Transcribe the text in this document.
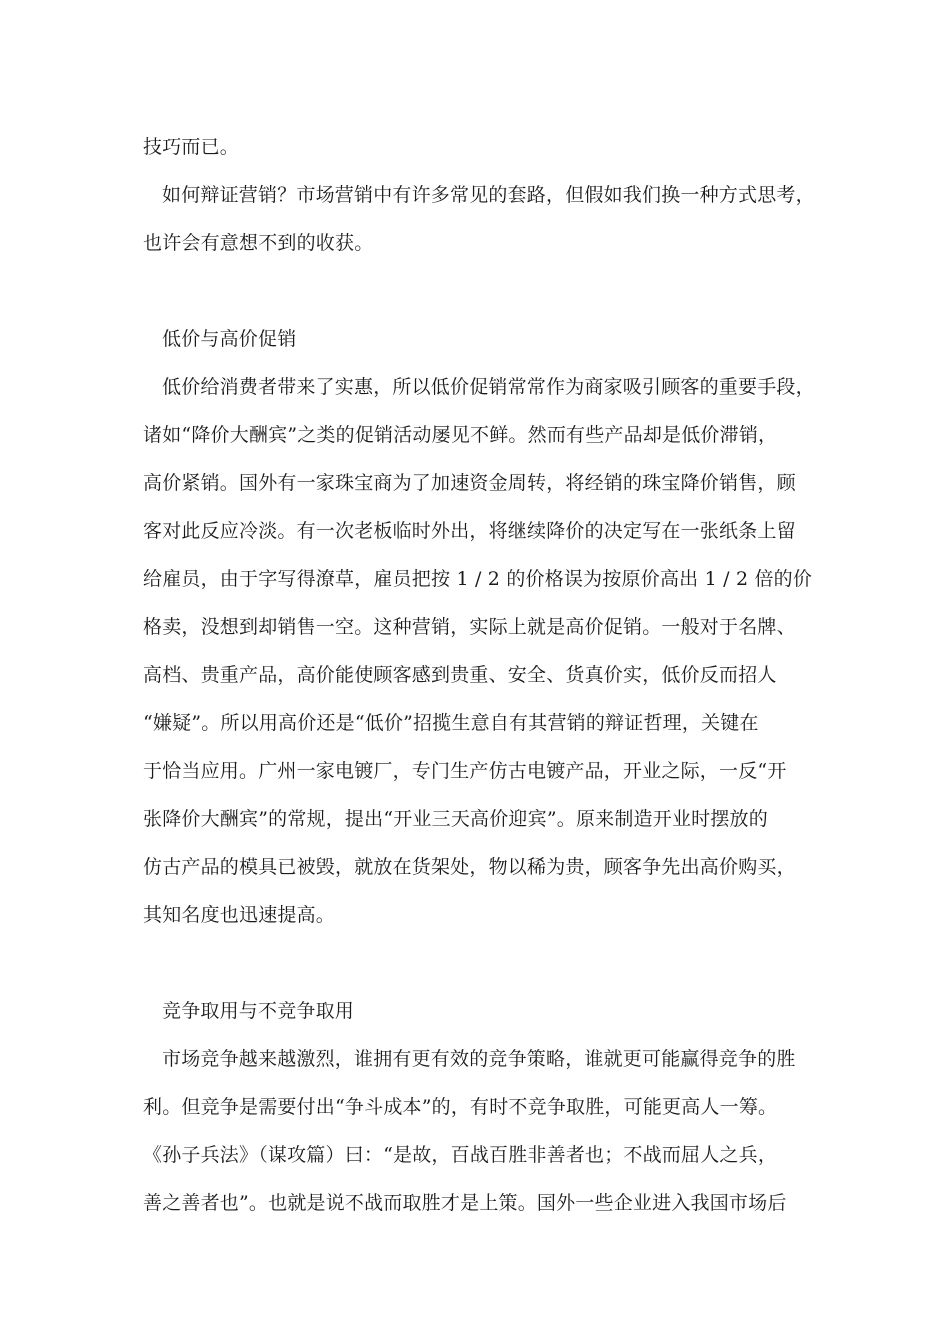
技巧而已。

如何辩证营销？市场营销中有许多常见的套路，但假如我们换一种方式思考，

也许会有意想不到的收获。

低价与高价促销

低价给消费者带来了实惠，所以低价促销常常作为商家吸引顾客的重要手段，

诸如“降价大酬宾”之类的促销活动屡见不鲜。然而有些产品却是低价滞销，

高价紧销。国外有一家珠宝商为了加速资金周转，将经销的珠宝降价销售，顾

客对此反应冷淡。有一次老板临时外出，将继续降价的决定写在一张纸条上留

给雇员，由于字写得潦草，雇员把按 1 / 2 的价格误为按原价高出 1 / 2 倍的价

格卖，没想到却销售一空。这种营销，实际上就是高价促销。一般对于名牌、

高档、贵重产品，高价能使顾客感到贵重、安全、货真价实，低价反而招人

“嫌疑”。所以用高价还是“低价”招揽生意自有其营销的辩证哲理，关键在

于恰当应用。广州一家电镀厂，专门生产仿古电镀产品，开业之际，一反“开

张降价大酬宾”的常规，提出“开业三天高价迎宾”。原来制造开业时摆放的

仿古产品的模具已被毁，就放在货架处，物以稀为贵，顾客争先出高价购买，

其知名度也迅速提高。

竞争取用与不竞争取用

市场竞争越来越激烈，谁拥有更有效的竞争策略，谁就更可能赢得竞争的胜

利。但竞争是需要付出“争斗成本”的，有时不竞争取胜，可能更高人一筹。

《孙子兵法》（谋攻篇）曰：“是故，百战百胜非善者也；不战而屈人之兵，

善之善者也”。也就是说不战而取胜才是上策。国外一些企业进入我国市场后
